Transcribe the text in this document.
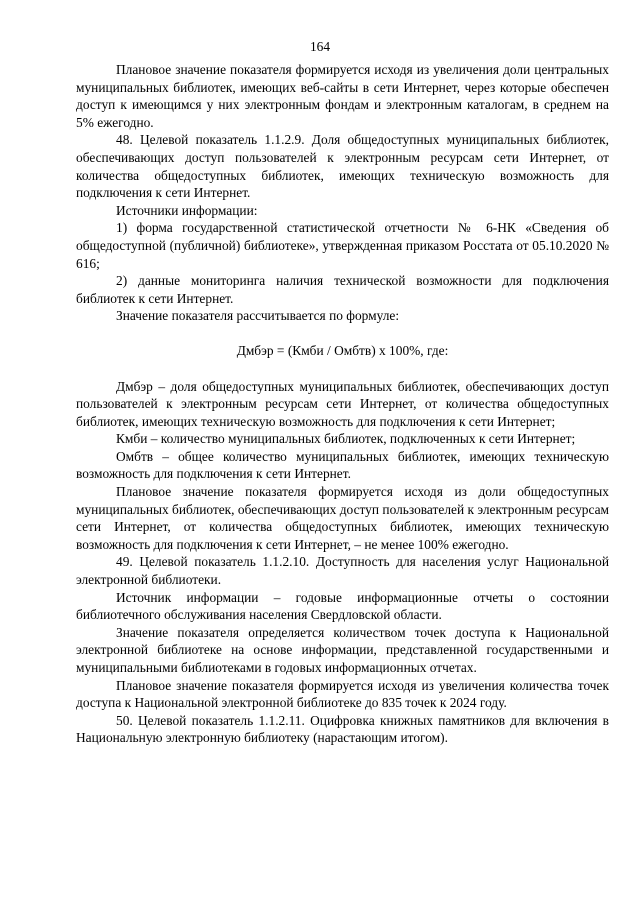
164

Плановое значение показателя формируется исходя из увеличения доли центральных муниципальных библиотек, имеющих веб-сайты в сети Интернет, через которые обеспечен доступ к имеющимся у них электронным фондам и электронным каталогам, в среднем на 5% ежегодно.

48. Целевой показатель 1.1.2.9. Доля общедоступных муниципальных библиотек, обеспечивающих доступ пользователей к электронным ресурсам сети Интернет, от количества общедоступных библиотек, имеющих техническую возможность для подключения к сети Интернет.

Источники информации:

1) форма государственной статистической отчетности № 6-НК «Сведения об общедоступной (публичной) библиотеке», утвержденная приказом Росстата от 05.10.2020 № 616;

2) данные мониторинга наличия технической возможности для подключения библиотек к сети Интернет.

Значение показателя рассчитывается по формуле:

Дмбэр = (Кмби / Омбтв) x 100%, где:

Дмбэр – доля общедоступных муниципальных библиотек, обеспечивающих доступ пользователей к электронным ресурсам сети Интернет, от количества общедоступных библиотек, имеющих техническую возможность для подключения к сети Интернет;

Кмби – количество муниципальных библиотек, подключенных к сети Интернет;

Омбтв – общее количество муниципальных библиотек, имеющих техническую возможность для подключения к сети Интернет.

Плановое значение показателя формируется исходя из доли общедоступных муниципальных библиотек, обеспечивающих доступ пользователей к электронным ресурсам сети Интернет, от количества общедоступных библиотек, имеющих техническую возможность для подключения к сети Интернет, – не менее 100% ежегодно.

49. Целевой показатель 1.1.2.10. Доступность для населения услуг Национальной электронной библиотеки.

Источник информации – годовые информационные отчеты о состоянии библиотечного обслуживания населения Свердловской области.

Значение показателя определяется количеством точек доступа к Национальной электронной библиотеке на основе информации, представленной государственными и муниципальными библиотеками в годовых информационных отчетах.

Плановое значение показателя формируется исходя из увеличения количества точек доступа к Национальной электронной библиотеке до 835 точек к 2024 году.

50. Целевой показатель 1.1.2.11. Оцифровка книжных памятников для включения в Национальную электронную библиотеку (нарастающим итогом).
